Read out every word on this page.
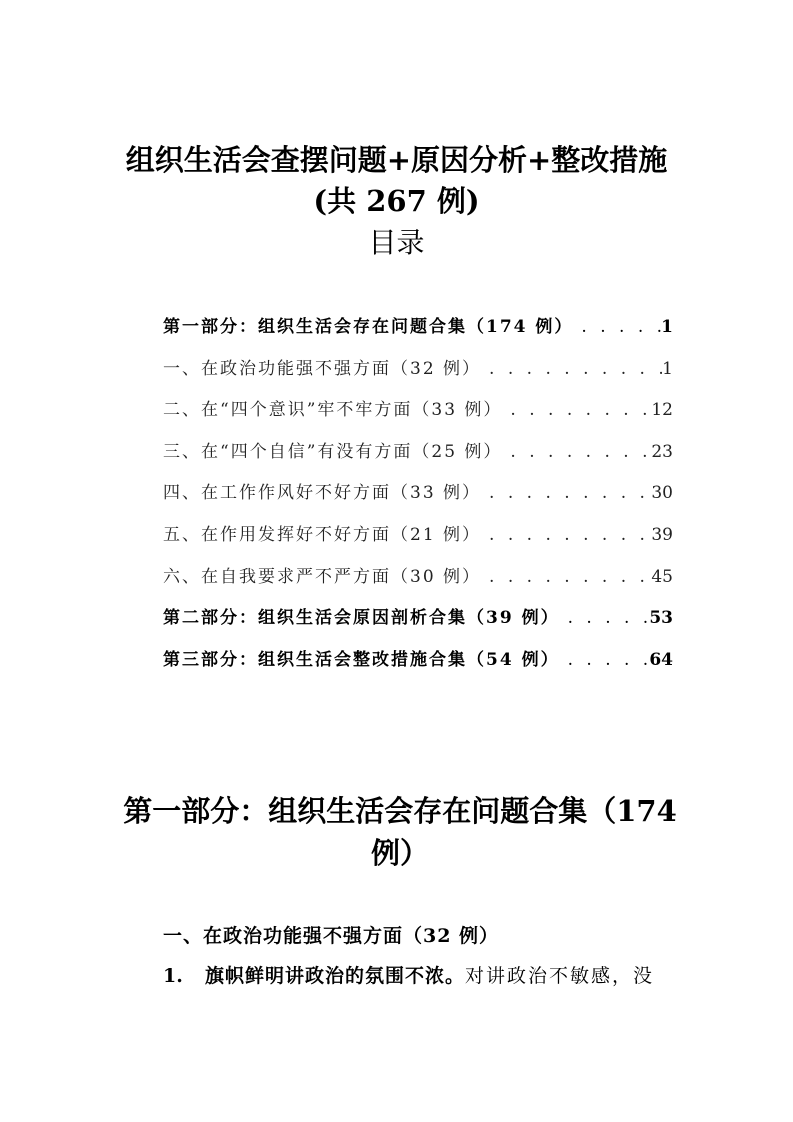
组织生活会查摆问题+原因分析+整改措施
(共 267 例)
目录
第一部分：组织生活会存在问题合集（174 例） . . .	1
一、在政治功能强不强方面（32 例） . . .	1
二、在“四个意识”牢不牢方面（33 例） . . .	12
三、在“四个自信”有没有方面（25 例） . . .	23
四、在工作作风好不好方面（33 例） . . .	30
五、在作用发挥好不好方面（21 例） . . .	39
六、在自我要求严不严方面（30 例） . . .	45
第二部分：组织生活会原因剖析合集（39 例） . . .	53
第三部分：组织生活会整改措施合集（54 例） . . .	64
第一部分：组织生活会存在问题合集（174 例）
一、在政治功能强不强方面（32 例）

1. 旗帜鲜明讲政治的氛围不浓。对讲政治不敏感，没
